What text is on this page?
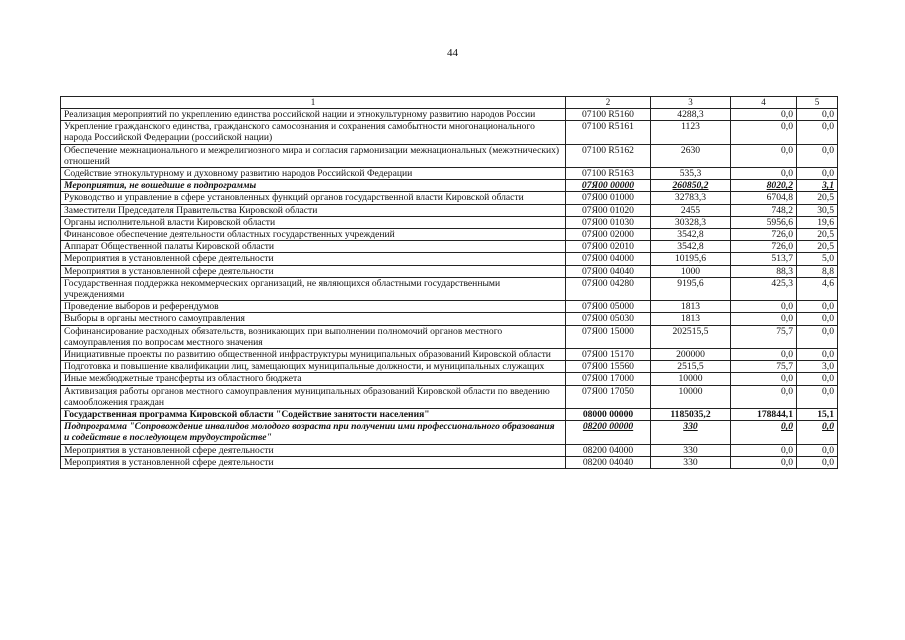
44
1	2	3	4	5
Реализация мероприятий по укреплению единства российской нации и этнокультурному развитию народов России	07100 R5160	4288,3	0,0	0,0
Укрепление гражданского единства, гражданского самосознания и сохранения самобытности многонационального народа Российской Федерации (российской нации)	07100 R5161	1123	0,0	0,0
Обеспечение межнационального и межрелигиозного мира и согласия гармонизации межнациональных (межэтнических) отношений	07100 R5162	2630	0,0	0,0
Содействие этнокультурному и духовному развитию народов Российской Федерации	07100 R5163	535,3	0,0	0,0
Мероприятия, не вошедшие в подпрограммы	07Я00 00000	260850,2	8020,2	3,1
Руководство и управление в сфере установленных функций органов государственной власти Кировской области	07Я00 01000	32783,3	6704,8	20,5
Заместители Председателя Правительства Кировской области	07Я00 01020	2455	748,2	30,5
Органы исполнительной власти Кировской области	07Я00 01030	30328,3	5956,6	19,6
Финансовое обеспечение деятельности областных государственных учреждений	07Я00 02000	3542,8	726,0	20,5
Аппарат Общественной палаты Кировской области	07Я00 02010	3542,8	726,0	20,5
Мероприятия в установленной сфере деятельности	07Я00 04000	10195,6	513,7	5,0
Мероприятия в установленной сфере деятельности	07Я00 04040	1000	88,3	8,8
Государственная поддержка некоммерческих организаций, не являющихся областными государственными учреждениями	07Я00 04280	9195,6	425,3	4,6
Проведение выборов и референдумов	07Я00 05000	1813	0,0	0,0
Выборы в органы местного самоуправления	07Я00 05030	1813	0,0	0,0
Софинансирование расходных обязательств, возникающих при выполнении полномочий органов местного самоуправления по вопросам местного значения	07Я00 15000	202515,5	75,7	0,0
Инициативные проекты по развитию общественной инфраструктуры муниципальных образований Кировской области	07Я00 15170	200000	0,0	0,0
Подготовка и повышение квалификации лиц, замещающих муниципальные должности, и муниципальных служащих	07Я00 15560	2515,5	75,7	3,0
Иные межбюджетные трансферты из областного бюджета	07Я00 17000	10000	0,0	0,0
Активизация работы органов местного самоуправления муниципальных образований Кировской области по введению самообложения граждан	07Я00 17050	10000	0,0	0,0
Государственная программа Кировской области "Содействие занятости населения"	08000 00000	1185035,2	178844,1	15,1
Подпрограмма "Сопровождение инвалидов молодого возраста при получении ими профессионального образования и содействие в последующем трудоустройстве"	08200 00000	330	0,0	0,0
Мероприятия в установленной сфере деятельности	08200 04000	330	0,0	0,0
Мероприятия в установленной сфере деятельности	08200 04040	330	0,0	0,0
